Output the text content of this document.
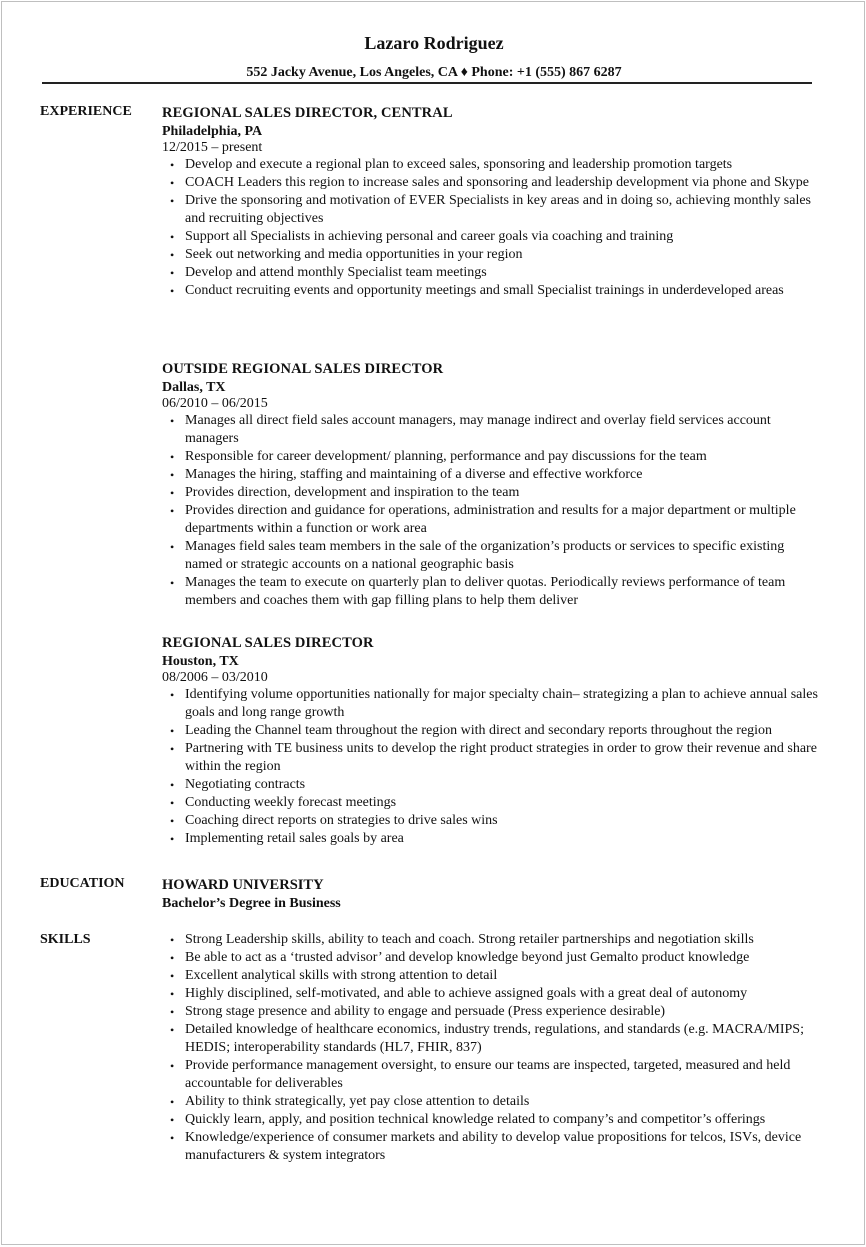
Lazaro Rodriguez
552 Jacky Avenue, Los Angeles, CA ♦ Phone: +1 (555) 867 6287
EXPERIENCE REGIONAL SALES DIRECTOR, CENTRAL
Philadelphia, PA
12/2015 – present
• Develop and execute a regional plan to exceed sales, sponsoring and leadership promotion targets
• COACH Leaders this region to increase sales and sponsoring and leadership development via phone and Skype
• Drive the sponsoring and motivation of EVER Specialists in key areas and in doing so, achieving monthly sales and recruiting objectives
• Support all Specialists in achieving personal and career goals via coaching and training
• Seek out networking and media opportunities in your region
• Develop and attend monthly Specialist team meetings
• Conduct recruiting events and opportunity meetings and small Specialist trainings in underdeveloped areas
OUTSIDE REGIONAL SALES DIRECTOR
Dallas, TX
06/2010 – 06/2015
• Manages all direct field sales account managers, may manage indirect and overlay field services account managers
• Responsible for career development/ planning, performance and pay discussions for the team
• Manages the hiring, staffing and maintaining of a diverse and effective workforce
• Provides direction, development and inspiration to the team
• Provides direction and guidance for operations, administration and results for a major department or multiple departments within a function or work area
• Manages field sales team members in the sale of the organization’s products or services to specific existing named or strategic accounts on a national geographic basis
• Manages the team to execute on quarterly plan to deliver quotas. Periodically reviews performance of team members and coaches them with gap filling plans to help them deliver
REGIONAL SALES DIRECTOR
Houston, TX
08/2006 – 03/2010
• Identifying volume opportunities nationally for major specialty chain– strategizing a plan to achieve annual sales goals and long range growth
• Leading the Channel team throughout the region with direct and secondary reports throughout the region
• Partnering with TE business units to develop the right product strategies in order to grow their revenue and share within the region
• Negotiating contracts
• Conducting weekly forecast meetings
• Coaching direct reports on strategies to drive sales wins
• Implementing retail sales goals by area
EDUCATION	HOWARD UNIVERSITY
Bachelor’s Degree in Business
SKILLS
•	Strong Leadership skills, ability to teach and coach. Strong retailer partnerships and negotiation skills
• Be able to act as a ‘trusted advisor’ and develop knowledge beyond just Gemalto product knowledge
• Excellent analytical skills with strong attention to detail
• Highly disciplined, self-motivated, and able to achieve assigned goals with a great deal of autonomy
• Strong stage presence and ability to engage and persuade (Press experience desirable)
• Detailed knowledge of healthcare economics, industry trends, regulations, and standards (e.g. MACRA/MIPS; HEDIS; interoperability standards (HL7, FHIR, 837)
• Provide performance management oversight, to ensure our teams are inspected, targeted, measured and held accountable for deliverables
• Ability to think strategically, yet pay close attention to details
• Quickly learn, apply, and position technical knowledge related to company’s and competitor’s offerings
• Knowledge/experience of consumer markets and ability to develop value propositions for telcos, ISVs, device manufacturers & system integrators
